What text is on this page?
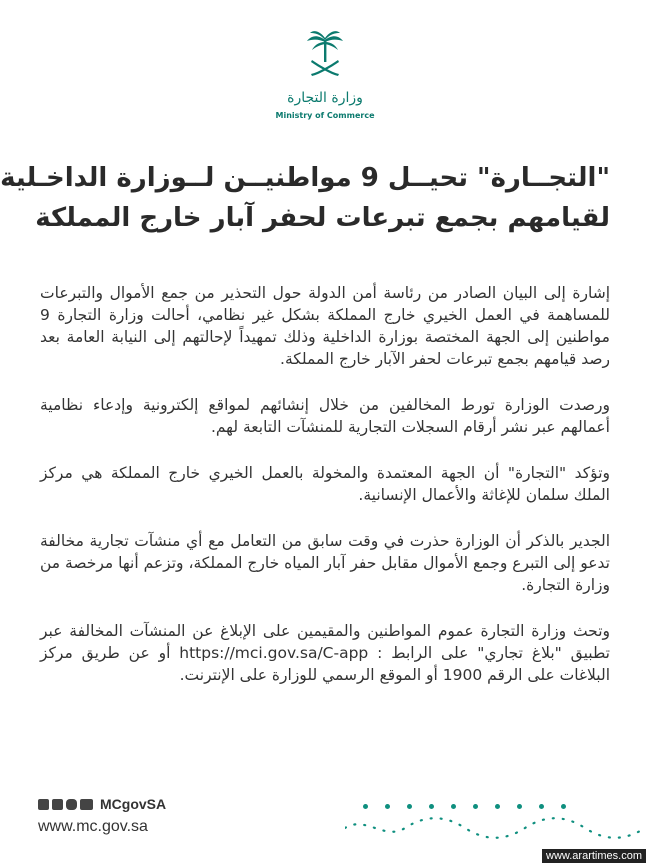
وزارة التجارة
Ministry of Commerce
"التجــارة" تحيــل 9 مواطنيــن لــوزارة الداخـلية
لقيامهم بجمع تبرعات لحفر آبار خارج المملكة

إشارة إلى البيان الصادر من رئاسة أمن الدولة حول التحذير من جمع الأموال والتبرعات للمساهمة في العمل الخيري خارج المملكة بشكل غير نظامي، أحالت وزارة التجارة 9 مواطنين إلى الجهة المختصة بوزارة الداخلية وذلك تمهيداً لإحالتهم إلى النيابة العامة بعد رصد قيامهم بجمع تبرعات لحفر الآبار خارج المملكة.

ورصدت الوزارة تورط المخالفين من خلال إنشائهم لمواقع إلكترونية وإدعاء نظامية أعمالهم عبر نشر أرقام السجلات التجارية للمنشآت التابعة لهم.

وتؤكد "التجارة" أن الجهة المعتمدة والمخولة بالعمل الخيري خارج المملكة هي مركز الملك سلمان للإغاثة والأعمال الإنسانية.

الجدير بالذكر أن الوزارة حذرت في وقت سابق من التعامل مع أي منشآت تجارية مخالفة تدعو إلى التبرع وجمع الأموال مقابل حفر آبار المياه خارج المملكة، وتزعم أنها مرخصة من وزارة التجارة.

وتحث وزارة التجارة عموم المواطنين والمقيمين على الإبلاغ عن المنشآت المخالفة عبر تطبيق "بلاغ تجاري" على الرابط : https://mci.gov.sa/C-app أو عن طريق مركز البلاغات على الرقم 1900 أو الموقع الرسمي للوزارة على الإنترنت.

MCgovSA
www.mc.gov.sa
www.arartimes.com
